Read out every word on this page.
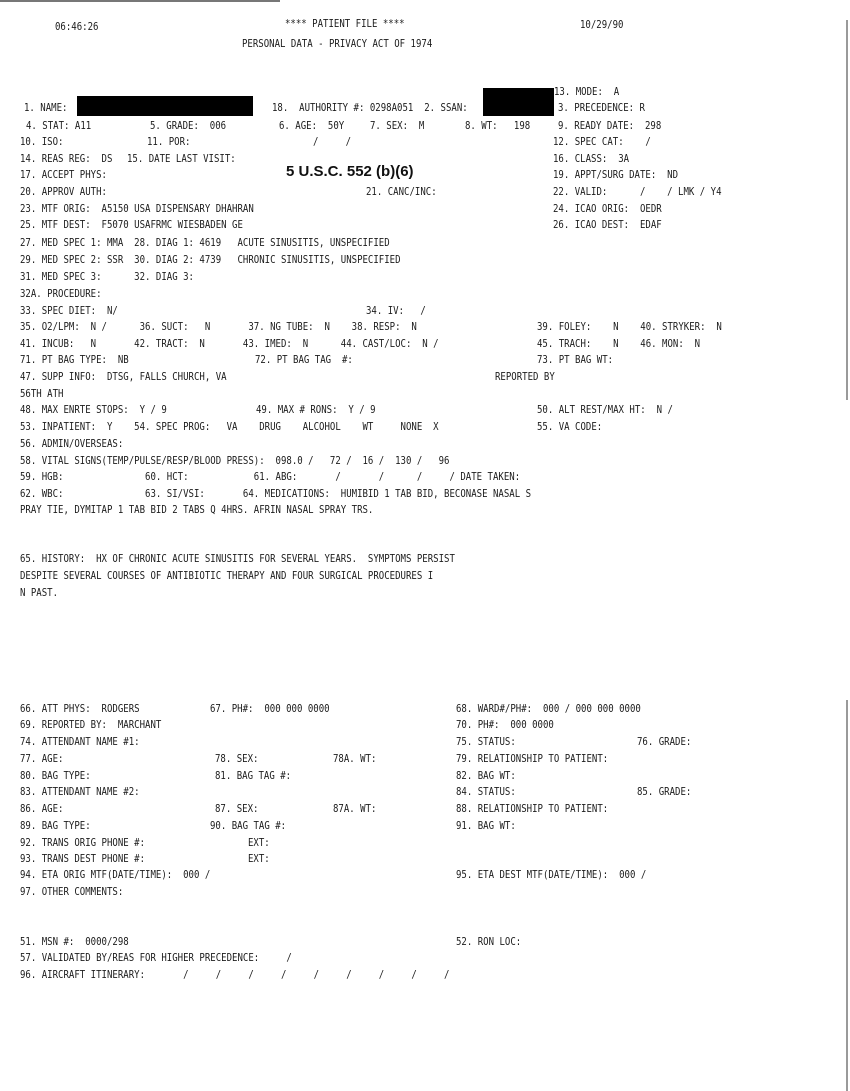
06:46:26	**** PATIENT FILE ****	10/29/90
PERSONAL DATA - PRIVACY ACT OF 1974
5 U.S.C. 552 (b)(6)
13. MODE:  A
1. NAME:	18.  AUTHORITY #: 0298A051  2. SSAN:	3. PRECEDENCE: R
4. STAT: A11	5. GRADE:  006	6. AGE:  50Y 7. SEX:  M	8. WT:   198	9. READY DATE:  298
10. ISO:	11. POR:	/     /	12. SPEC CAT:    /
14. REAS REG:  DS 15. DATE LAST VISIT:	16. CLASS:  3A
17. ACCEPT PHYS:	19. APPT/SURG DATE:  ND
20. APPROV AUTH:	21. CANC/INC:	22. VALID:      /    / LMK / Y4
23. MTF ORIG:  A5150 USA DISPENSARY DHAHRAN	24. ICAO ORIG:  OEDR
25. MTF DEST:  F5070 USAFRMC WIESBADEN GE	26. ICAO DEST:  EDAF
27. MED SPEC 1: MMA  28. DIAG 1: 4619   ACUTE SINUSITIS, UNSPECIFIED
29. MED SPEC 2: SSR  30. DIAG 2: 4739   CHRONIC SINUSITIS, UNSPECIFIED
31. MED SPEC 3:      32. DIAG 3:
32A. PROCEDURE:
33. SPEC DIET:  N/	34. IV:   /
35. O2/LPM:  N /      36. SUCT:   N       37. NG TUBE:  N    38. RESP:  N	39. FOLEY:    N    40. STRYKER:  N
41. INCUB:   N       42. TRACT:  N       43. IMED:  N      44. CAST/LOC:  N /	45. TRACH:    N    46. MON:  N
71. PT BAG TYPE:  NB	72. PT BAG TAG  #:	73. PT BAG WT:
47. SUPP INFO:  DTSG, FALLS CHURCH, VA	REPORTED BY
56TH ATH
48. MAX ENRTE STOPS:  Y / 9	49. MAX # RONS:  Y / 9	50. ALT REST/MAX HT:  N /
53. INPATIENT:  Y    54. SPEC PROG:   VA    DRUG    ALCOHOL    WT     NONE  X	55. VA CODE:
56. ADMIN/OVERSEAS:
58. VITAL SIGNS(TEMP/PULSE/RESP/BLOOD PRESS):  098.0 /   72 /  16 /  130 /   96
59. HGB:               60. HCT:            61. ABG:       /       /      /     / DATE TAKEN:
62. WBC:               63. SI/VSI:       64. MEDICATIONS:  HUMIBID 1 TAB BID, BECONASE NASAL S
PRAY TIE, DYMITAP 1 TAB BID 2 TABS Q 4HRS. AFRIN NASAL SPRAY TRS.
65. HISTORY:  HX OF CHRONIC ACUTE SINUSITIS FOR SEVERAL YEARS.  SYMPTOMS PERSIST
DESPITE SEVERAL COURSES OF ANTIBIOTIC THERAPY AND FOUR SURGICAL PROCEDURES I
N PAST.
66. ATT PHYS:  RODGERS	67. PH#:  000 000 0000	68. WARD#/PH#:  000 / 000 000 0000
69. REPORTED BY:  MARCHANT	70. PH#:  000 0000
74. ATTENDANT NAME #1:	75. STATUS:	76. GRADE:
77. AGE:	78. SEX:	78A. WT:	79. RELATIONSHIP TO PATIENT:
80. BAG TYPE:	81. BAG TAG #:	82. BAG WT:
83. ATTENDANT NAME #2:	84. STATUS:	85. GRADE:
86. AGE:	87. SEX:	87A. WT:	88. RELATIONSHIP TO PATIENT:
89. BAG TYPE:	90. BAG TAG #:	91. BAG WT:
92. TRANS ORIG PHONE #:	EXT:
93. TRANS DEST PHONE #:	EXT:
94. ETA ORIG MTF(DATE/TIME):  000 /	95. ETA DEST MTF(DATE/TIME):  000 /
97. OTHER COMMENTS:
51. MSN #:  0000/298	52. RON LOC:
57. VALIDATED BY/REAS FOR HIGHER PRECEDENCE:     /
96. AIRCRAFT ITINERARY:       /     /     /     /     /     /     /     /     /
